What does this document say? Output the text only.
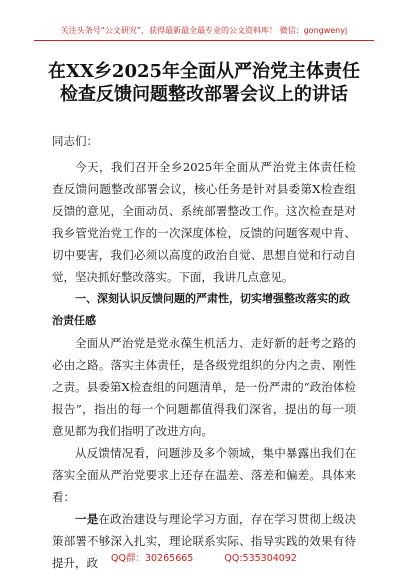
关注头条号“公文研究”，获得最新最全最专业的公文资料库！ 微信：gongwenyj
在XX乡2025年全面从严治党主体责任
检查反馈问题整改部署会议上的讲话

同志们：

今天，我们召开全乡2025年全面从严治党主体责任检查反馈问题整改部署会议，核心任务是针对县委第X检查组反馈的意见，全面动员、系统部署整改工作。这次检查是对我乡管党治党工作的一次深度体检，反馈的问题客观中肯、切中要害，我们必须以高度的政治自觉、思想自觉和行动自觉，坚决抓好整改落实。下面，我讲几点意见。

一、深刻认识反馈问题的严肃性，切实增强整改落实的政治责任感

全面从严治党是党永葆生机活力、走好新的赶考之路的必由之路。落实主体责任，是各级党组织的分内之责、刚性之责。县委第X检查组的问题清单，是一份严肃的“政治体检报告”，指出的每一个问题都值得我们深省，提出的每一项意见都为我们指明了改进方向。

从反馈情况看，问题涉及多个领域，集中暴露出我们在落实全面从严治党要求上还存在温差、落差和偏差。具体来看：

一是在政治建设与理论学习方面，存在学习贯彻上级决策部署不够深入扎实，理论联系实际、指导实践的效果有待提升，政	QQ群：30265665	QQ:535304092
